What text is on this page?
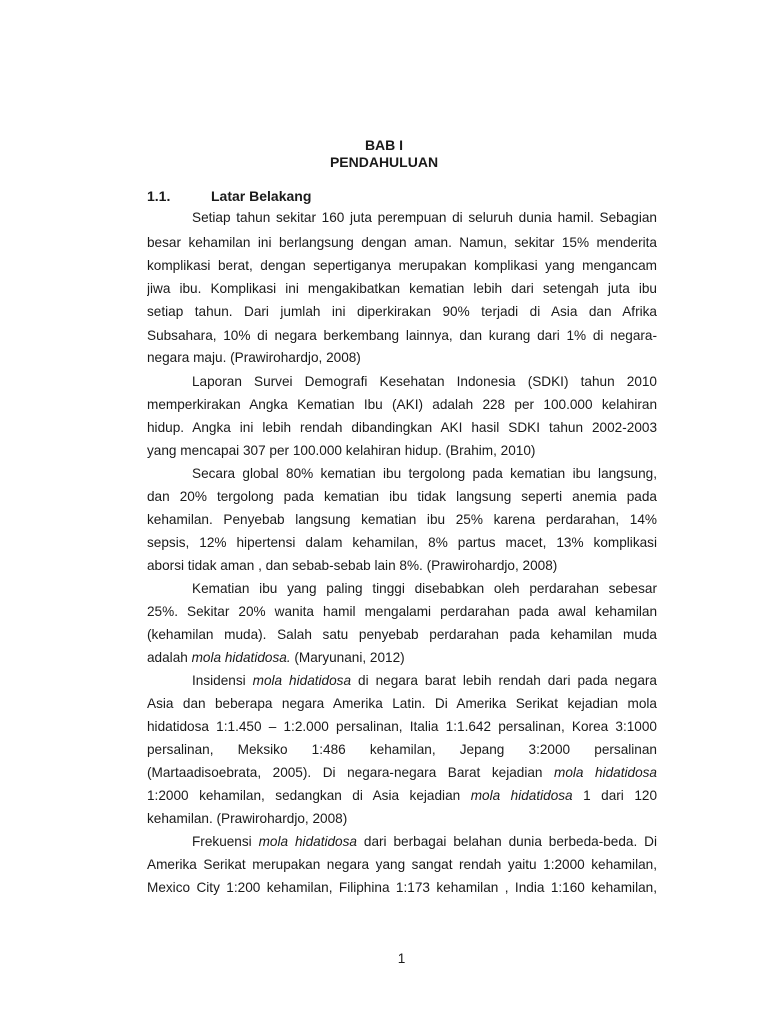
BAB I
PENDAHULUAN
1.1.	Latar Belakang
Setiap tahun sekitar 160 juta perempuan di seluruh dunia hamil. Sebagian
besar kehamilan ini berlangsung dengan aman. Namun, sekitar 15% menderita
komplikasi berat, dengan sepertiganya merupakan komplikasi yang mengancam
jiwa ibu. Komplikasi ini mengakibatkan kematian lebih dari setengah juta ibu
setiap tahun. Dari jumlah ini diperkirakan 90% terjadi di Asia dan Afrika
Subsahara, 10% di negara berkembang lainnya, dan kurang dari 1% di negara-
negara maju. (Prawirohardjo, 2008)
Laporan Survei Demografi Kesehatan Indonesia (SDKI) tahun 2010
memperkirakan Angka Kematian Ibu (AKI) adalah 228 per 100.000 kelahiran
hidup. Angka ini lebih rendah dibandingkan AKI hasil SDKI tahun 2002-2003
yang mencapai 307 per 100.000 kelahiran hidup. (Brahim, 2010)
Secara global 80% kematian ibu tergolong pada kematian ibu langsung,
dan 20% tergolong pada kematian ibu tidak langsung seperti anemia pada
kehamilan. Penyebab langsung kematian ibu 25% karena perdarahan, 14%
sepsis, 12% hipertensi dalam kehamilan, 8% partus macet, 13% komplikasi
aborsi tidak aman , dan sebab-sebab lain 8%. (Prawirohardjo, 2008)
Kematian ibu yang paling tinggi disebabkan oleh perdarahan sebesar
25%. Sekitar 20% wanita hamil mengalami perdarahan pada awal kehamilan
(kehamilan muda). Salah satu penyebab perdarahan pada kehamilan muda
adalah mola hidatidosa. (Maryunani, 2012)
Insidensi mola hidatidosa di negara barat lebih rendah dari pada negara
Asia dan beberapa negara Amerika Latin. Di Amerika Serikat kejadian mola
hidatidosa 1:1.450 – 1:2.000 persalinan, Italia 1:1.642 persalinan, Korea 3:1000
persalinan, Meksiko 1:486 kehamilan, Jepang 3:2000 persalinan
(Martaadisoebrata, 2005). Di negara-negara Barat kejadian mola hidatidosa
1:2000 kehamilan, sedangkan di Asia kejadian mola hidatidosa 1 dari 120
kehamilan. (Prawirohardjo, 2008)
Frekuensi mola hidatidosa dari berbagai belahan dunia berbeda-beda. Di
Amerika Serikat merupakan negara yang sangat rendah yaitu 1:2000 kehamilan,
Mexico City 1:200 kehamilan, Filiphina 1:173 kehamilan , India 1:160 kehamilan,
1
